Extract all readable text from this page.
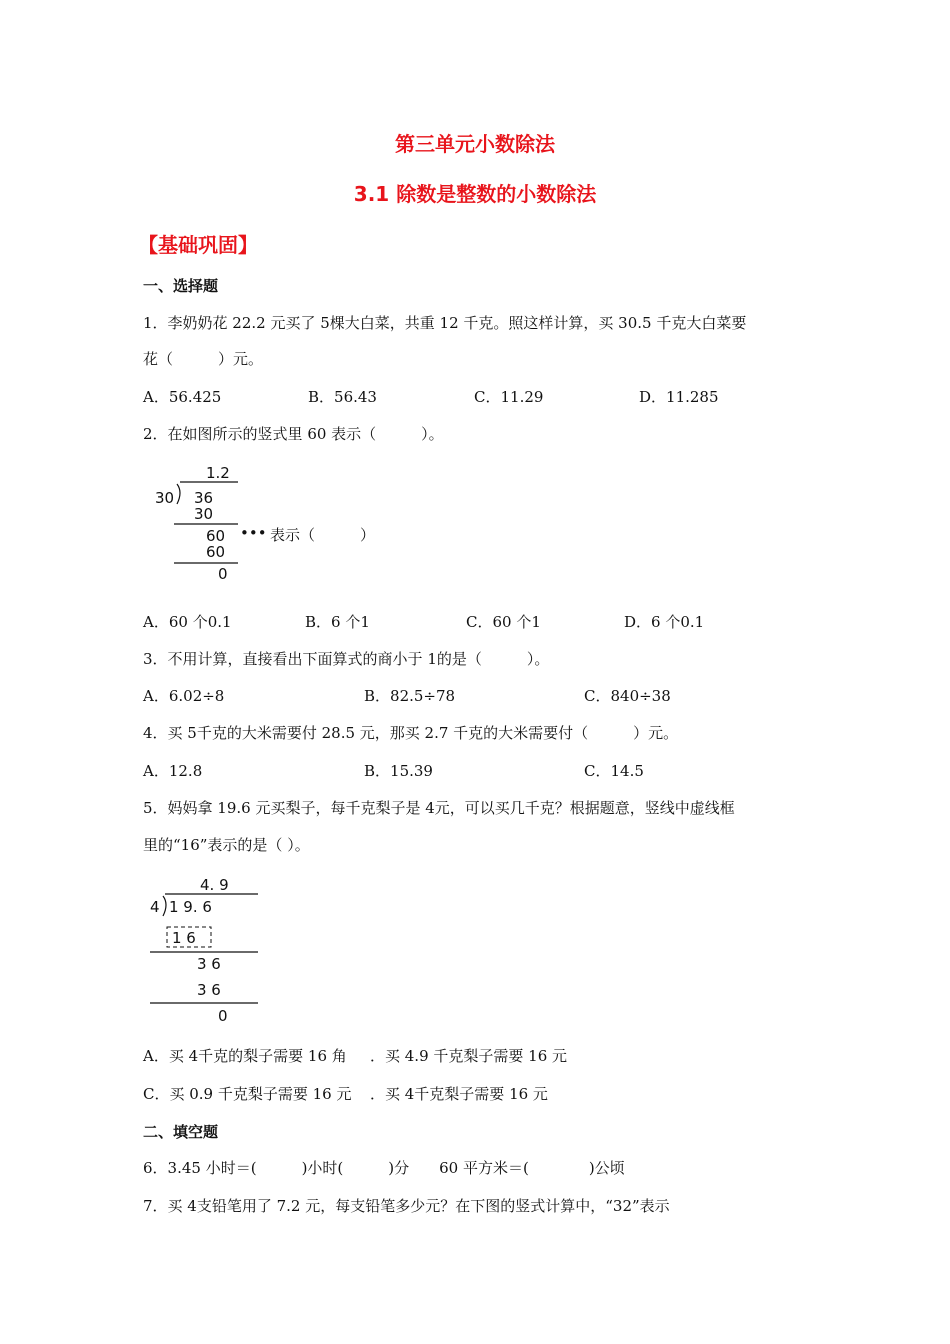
第三单元小数除法
3.1 除数是整数的小数除法
【基础巩固】
一、选择题
1．李奶奶花 22.2 元买了 5棵大白菜，共重 12 千克。照这样计算，买 30.5 千克大白菜要
花（　　　）元。
A．56.425	B．56.43	C．11.29	D．11.285
2．在如图所示的竖式里 60 表示（　　　）。
1.2
30 36
30
60 ••• 表示（　　　）
60
0
A．60 个0.1	B．6 个1	C．60 个1	D．6 个0.1
3．不用计算，直接看出下面算式的商小于 1的是（　　　）。
A．6.02÷8	B．82.5÷78	C．840÷38
4．买 5千克的大米需要付 28.5 元，那买 2.7 千克的大米需要付（　　　）元。
A．12.8	B．15.39	C．14.5
5．妈妈拿 19.6 元买梨子，每千克梨子是 4元，可以买几千克？根据题意，竖线中虚线框
里的“16”表示的是（ ）。
4. 9
4 1 9. 6
1 6
3 6
3 6
0
A．买 4千克的梨子需要 16 角 ．买 4.9 千克梨子需要 16 元
C．买 0.9 千克梨子需要 16 元 ．买 4千克梨子需要 16 元
二、填空题
6．3.45 小时＝(　　　)小时(　　　)分　　60 平方米＝(　　　　)公顷
7．买 4支铅笔用了 7.2 元，每支铅笔多少元？在下图的竖式计算中，“32”表示
